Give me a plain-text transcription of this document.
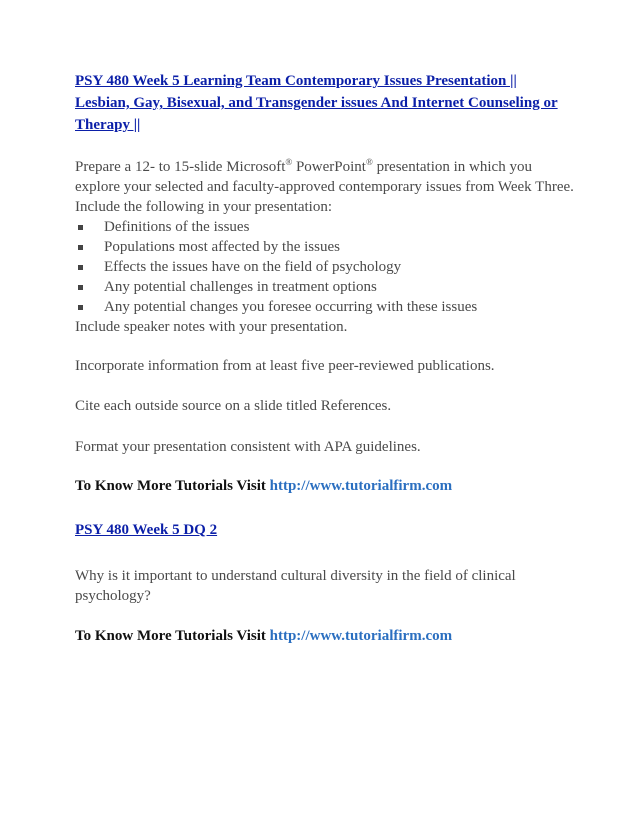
PSY 480 Week 5 Learning Team Contemporary Issues Presentation || Lesbian, Gay, Bisexual, and Transgender issues And Internet Counseling or Therapy ||

Prepare a 12- to 15-slide Microsoft® PowerPoint® presentation in which you explore your selected and faculty-approved contemporary issues from Week Three.

Include the following in your presentation:

Definitions of the issues
Populations most affected by the issues
Effects the issues have on the field of psychology
Any potential challenges in treatment options
Any potential changes you foresee occurring with these issues

Include speaker notes with your presentation.

Incorporate information from at least five peer-reviewed publications.

Cite each outside source on a slide titled References.

Format your presentation consistent with APA guidelines.

To Know More Tutorials Visit http://www.tutorialfirm.com

PSY 480 Week 5 DQ 2

Why is it important to understand cultural diversity in the field of clinical psychology?

To Know More Tutorials Visit http://www.tutorialfirm.com
